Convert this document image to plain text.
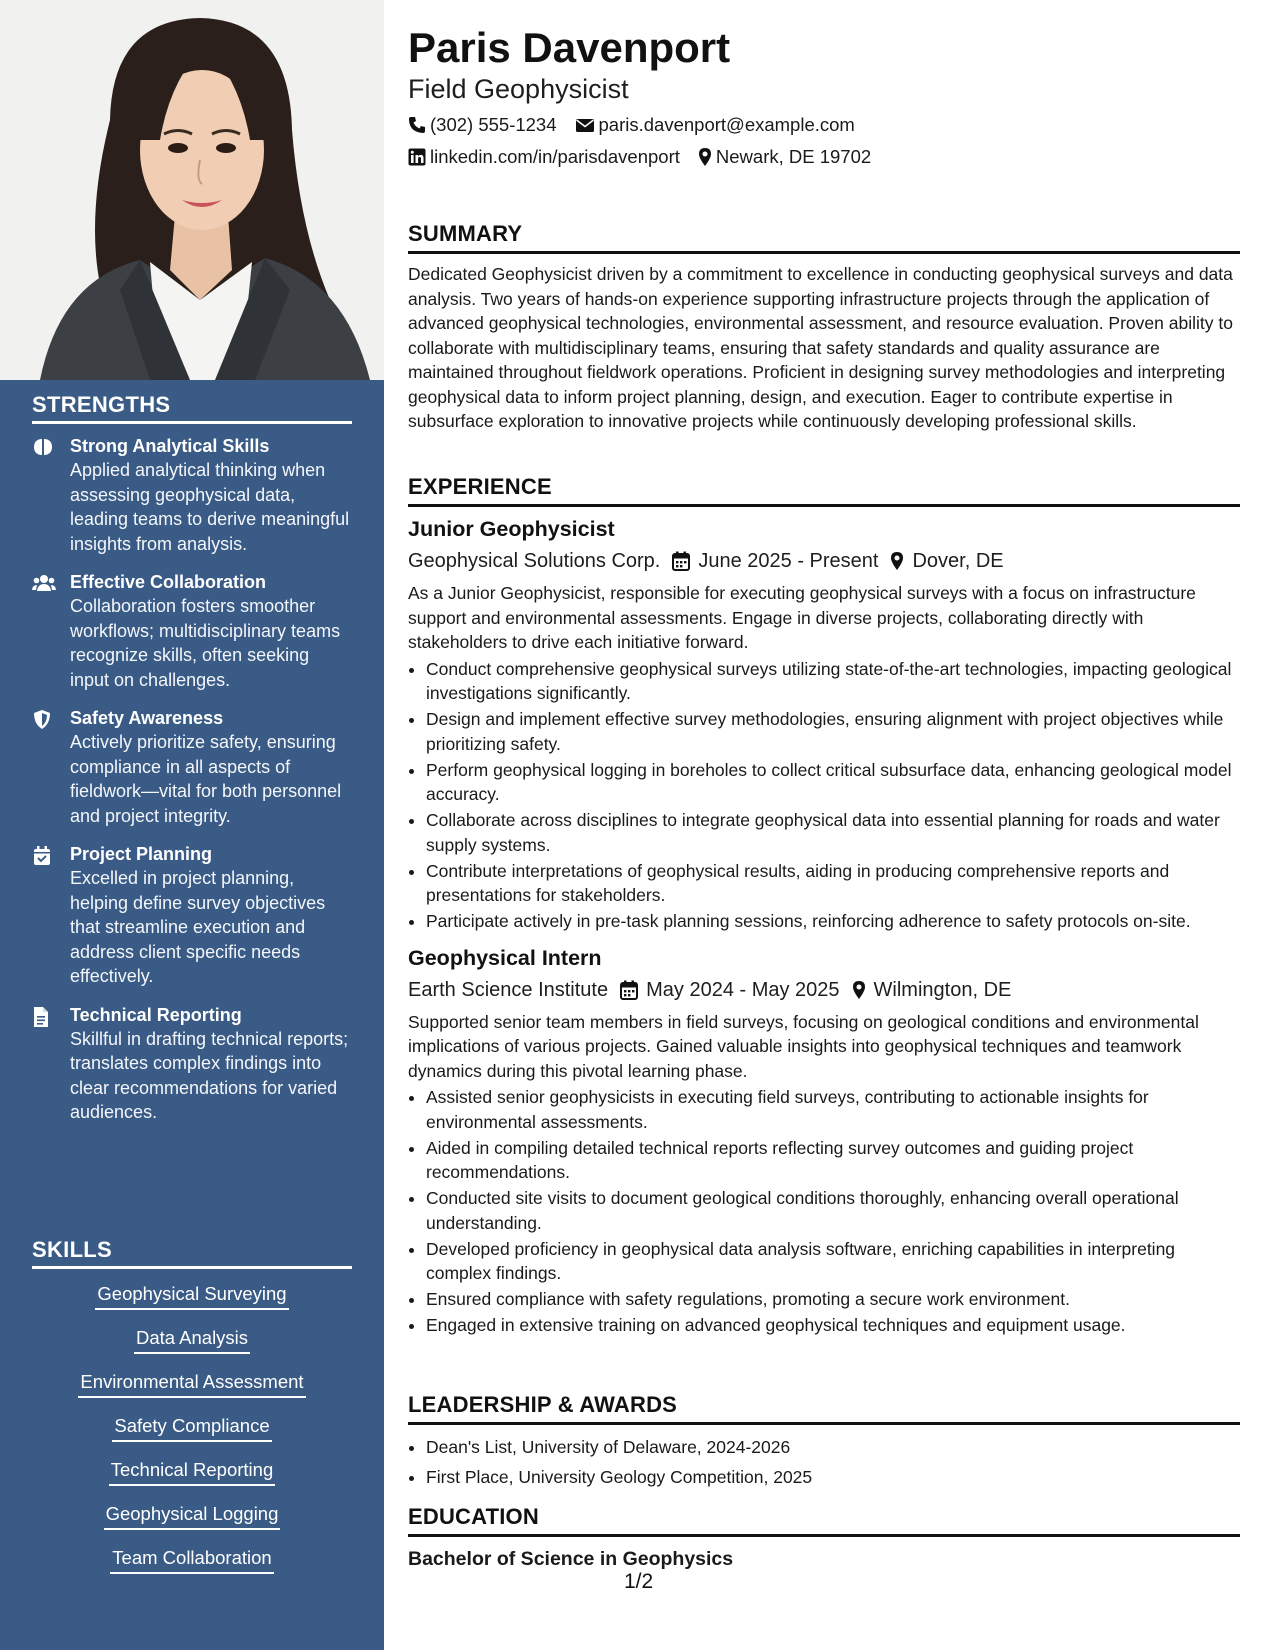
STRENGTHS
Strong Analytical Skills
Applied analytical thinking when assessing geophysical data, leading teams to derive meaningful insights from analysis.
Effective Collaboration
Collaboration fosters smoother workflows; multidisciplinary teams recognize skills, often seeking input on challenges.
Safety Awareness
Actively prioritize safety, ensuring compliance in all aspects of fieldwork—vital for both personnel and project integrity.
Project Planning
Excelled in project planning, helping define survey objectives that streamline execution and address client specific needs effectively.
Technical Reporting
Skillful in drafting technical reports; translates complex findings into clear recommendations for varied audiences.
SKILLS
Geophysical Surveying
Data Analysis
Environmental Assessment
Safety Compliance
Technical Reporting
Geophysical Logging
Team Collaboration
Paris Davenport
Field Geophysicist
(302) 555-1234 paris.davenport@example.com
linkedin.com/in/parisdavenport Newark, DE 19702
SUMMARY

Dedicated Geophysicist driven by a commitment to excellence in conducting geophysical surveys and data analysis. Two years of hands-on experience supporting infrastructure projects through the application of advanced geophysical technologies, environmental assessment, and resource evaluation. Proven ability to collaborate with multidisciplinary teams, ensuring that safety standards and quality assurance are maintained throughout fieldwork operations. Proficient in designing survey methodologies and interpreting geophysical data to inform project planning, design, and execution. Eager to contribute expertise in subsurface exploration to innovative projects while continuously developing professional skills.

EXPERIENCE
Junior Geophysicist
Geophysical Solutions Corp. June 2025 - Present Dover, DE

As a Junior Geophysicist, responsible for executing geophysical surveys with a focus on infrastructure support and environmental assessments. Engage in diverse projects, collaborating directly with stakeholders to drive each initiative forward.

• Conduct comprehensive geophysical surveys utilizing state-of-the-art technologies, impacting geological investigations significantly.
• Design and implement effective survey methodologies, ensuring alignment with project objectives while prioritizing safety.
• Perform geophysical logging in boreholes to collect critical subsurface data, enhancing geological model accuracy.
• Collaborate across disciplines to integrate geophysical data into essential planning for roads and water supply systems.
• Contribute interpretations of geophysical results, aiding in producing comprehensive reports and presentations for stakeholders.
• Participate actively in pre-task planning sessions, reinforcing adherence to safety protocols on-site.
Geophysical Intern
Earth Science Institute May 2024 - May 2025 Wilmington, DE

Supported senior team members in field surveys, focusing on geological conditions and environmental implications of various projects. Gained valuable insights into geophysical techniques and teamwork dynamics during this pivotal learning phase.

• Assisted senior geophysicists in executing field surveys, contributing to actionable insights for environmental assessments.
• Aided in compiling detailed technical reports reflecting survey outcomes and guiding project recommendations.
• Conducted site visits to document geological conditions thoroughly, enhancing overall operational understanding.
• Developed proficiency in geophysical data analysis software, enriching capabilities in interpreting complex findings.
• Ensured compliance with safety regulations, promoting a secure work environment.
• Engaged in extensive training on advanced geophysical techniques and equipment usage.
LEADERSHIP & AWARDS
• Dean's List, University of Delaware, 2024-2026
• First Place, University Geology Competition, 2025
EDUCATION
Bachelor of Science in Geophysics
1/2
